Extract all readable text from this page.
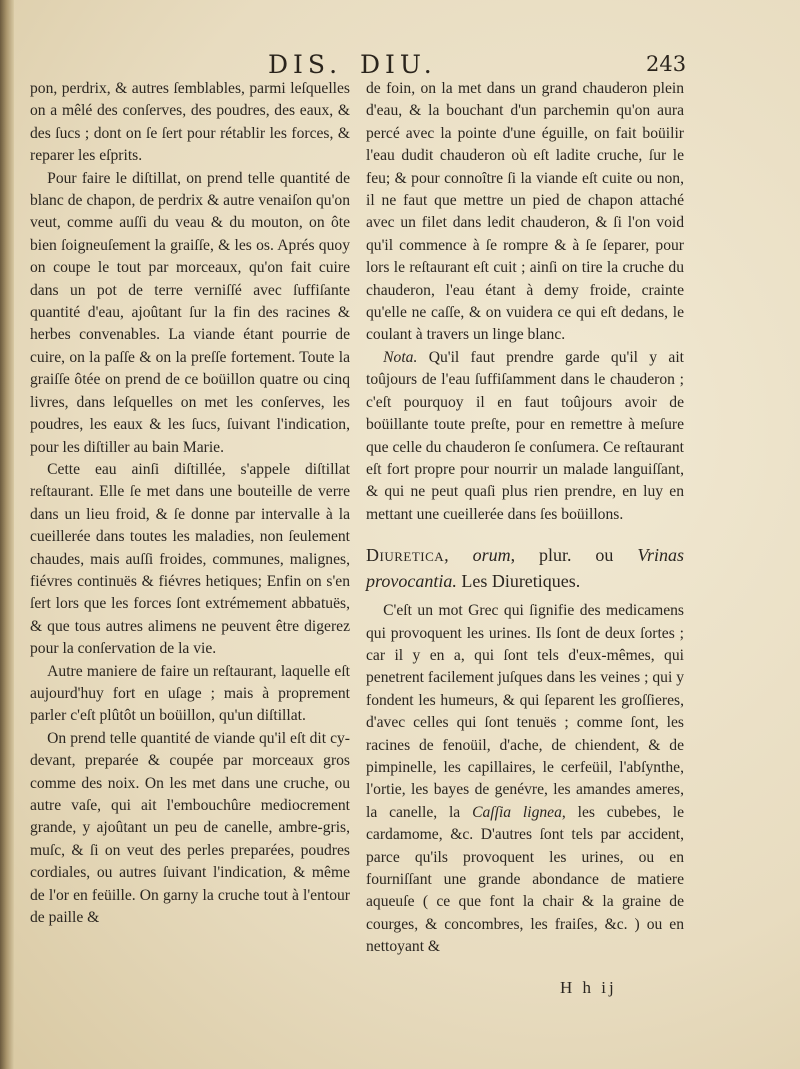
DIS. DIU.	243

pon, perdrix, & autres ſemblables, parmi leſquelles on a mêlé des conſerves, des poudres, des eaux, & des ſucs ; dont on ſe ſert pour rétablir les forces, & reparer les eſprits.

Pour faire le diſtillat, on prend telle quantité de blanc de chapon, de perdrix & autre venaiſon qu'on veut, comme auſſi du veau & du mouton, on ôte bien ſoigneuſement la graiſſe, & les os. Aprés quoy on coupe le tout par morceaux, qu'on fait cuire dans un pot de terre verniſſé avec ſuffiſante quantité d'eau, ajoûtant ſur la fin des racines & herbes convenables. La viande étant pourrie de cuire, on la paſſe & on la preſſe fortement. Toute la graiſſe ôtée on prend de ce boüillon quatre ou cinq livres, dans leſquelles on met les conſerves, les poudres, les eaux & les ſucs, ſuivant l'indication, pour les diſtiller au bain Marie.

Cette eau ainſi diſtillée, s'appele diſtillat reſtaurant. Elle ſe met dans une bouteille de verre dans un lieu froid, & ſe donne par intervalle à la cueillerée dans toutes les maladies, non ſeulement chaudes, mais auſſi froides, communes, malignes, fiévres continuës & fiévres hetiques; Enfin on s'en ſert lors que les forces ſont extrémement abbatuës, & que tous autres alimens ne peuvent être digerez pour la conſervation de la vie.

Autre maniere de faire un reſtaurant, laquelle eſt aujourd'huy fort en uſage ; mais à proprement parler c'eſt plûtôt un boüillon, qu'un diſtillat.

On prend telle quantité de viande qu'il eſt dit cy-devant, preparée & coupée par morceaux gros comme des noix. On les met dans une cruche, ou autre vaſe, qui ait l'embouchûre mediocrement grande, y ajoûtant un peu de canelle, ambre-gris, muſc, & ſi on veut des perles preparées, poudres cordiales, ou autres ſuivant l'indication, & même de l'or en feüille. On garny la cruche tout à l'entour de paille &

de foin, on la met dans un grand chauderon plein d'eau, & la bouchant d'un parchemin qu'on aura percé avec la pointe d'une éguille, on fait boüilir l'eau dudit chauderon où eſt ladite cruche, ſur le feu; & pour connoître ſi la viande eſt cuite ou non, il ne faut que mettre un pied de chapon attaché avec un filet dans ledit chauderon, & ſi l'on void qu'il commence à ſe rompre & à ſe ſeparer, pour lors le reſtaurant eſt cuit ; ainſi on tire la cruche du chauderon, l'eau étant à demy froide, crainte qu'elle ne caſſe, & on vuidera ce qui eſt dedans, le coulant à travers un linge blanc.

Nota. Qu'il faut prendre garde qu'il y ait toûjours de l'eau ſuffiſamment dans le chauderon ; c'eſt pourquoy il en faut toûjours avoir de boüillante toute preſte, pour en remettre à meſure que celle du chauderon ſe conſumera. Ce reſtaurant eſt fort propre pour nourrir un malade languiſſant, & qui ne peut quaſi plus rien prendre, en luy en mettant une cueillerée dans ſes boüillons.

Diuretica, orum, plur. ou Vrinas provocantia. Les Diuretiques.

C'eſt un mot Grec qui ſignifie des medicamens qui provoquent les urines. Ils ſont de deux ſortes ; car il y en a, qui ſont tels d'eux-mêmes, qui penetrent facilement juſques dans les veines ; qui y fondent les humeurs, & qui ſeparent les groſſieres, d'avec celles qui ſont tenuës ; comme ſont, les racines de fenoüil, d'ache, de chiendent, & de pimpinelle, les capillaires, le cerfeüil, l'abſynthe, l'ortie, les bayes de genévre, les amandes ameres, la canelle, la Caſſia lignea, les cubebes, le cardamome, &c. D'autres ſont tels par accident, parce qu'ils provoquent les urines, ou en fourniſſant une grande abondance de matiere aqueuſe ( ce que font la chair & la graine de courges, & concombres, les fraiſes, &c. ) ou en nettoyant &

H h ij
